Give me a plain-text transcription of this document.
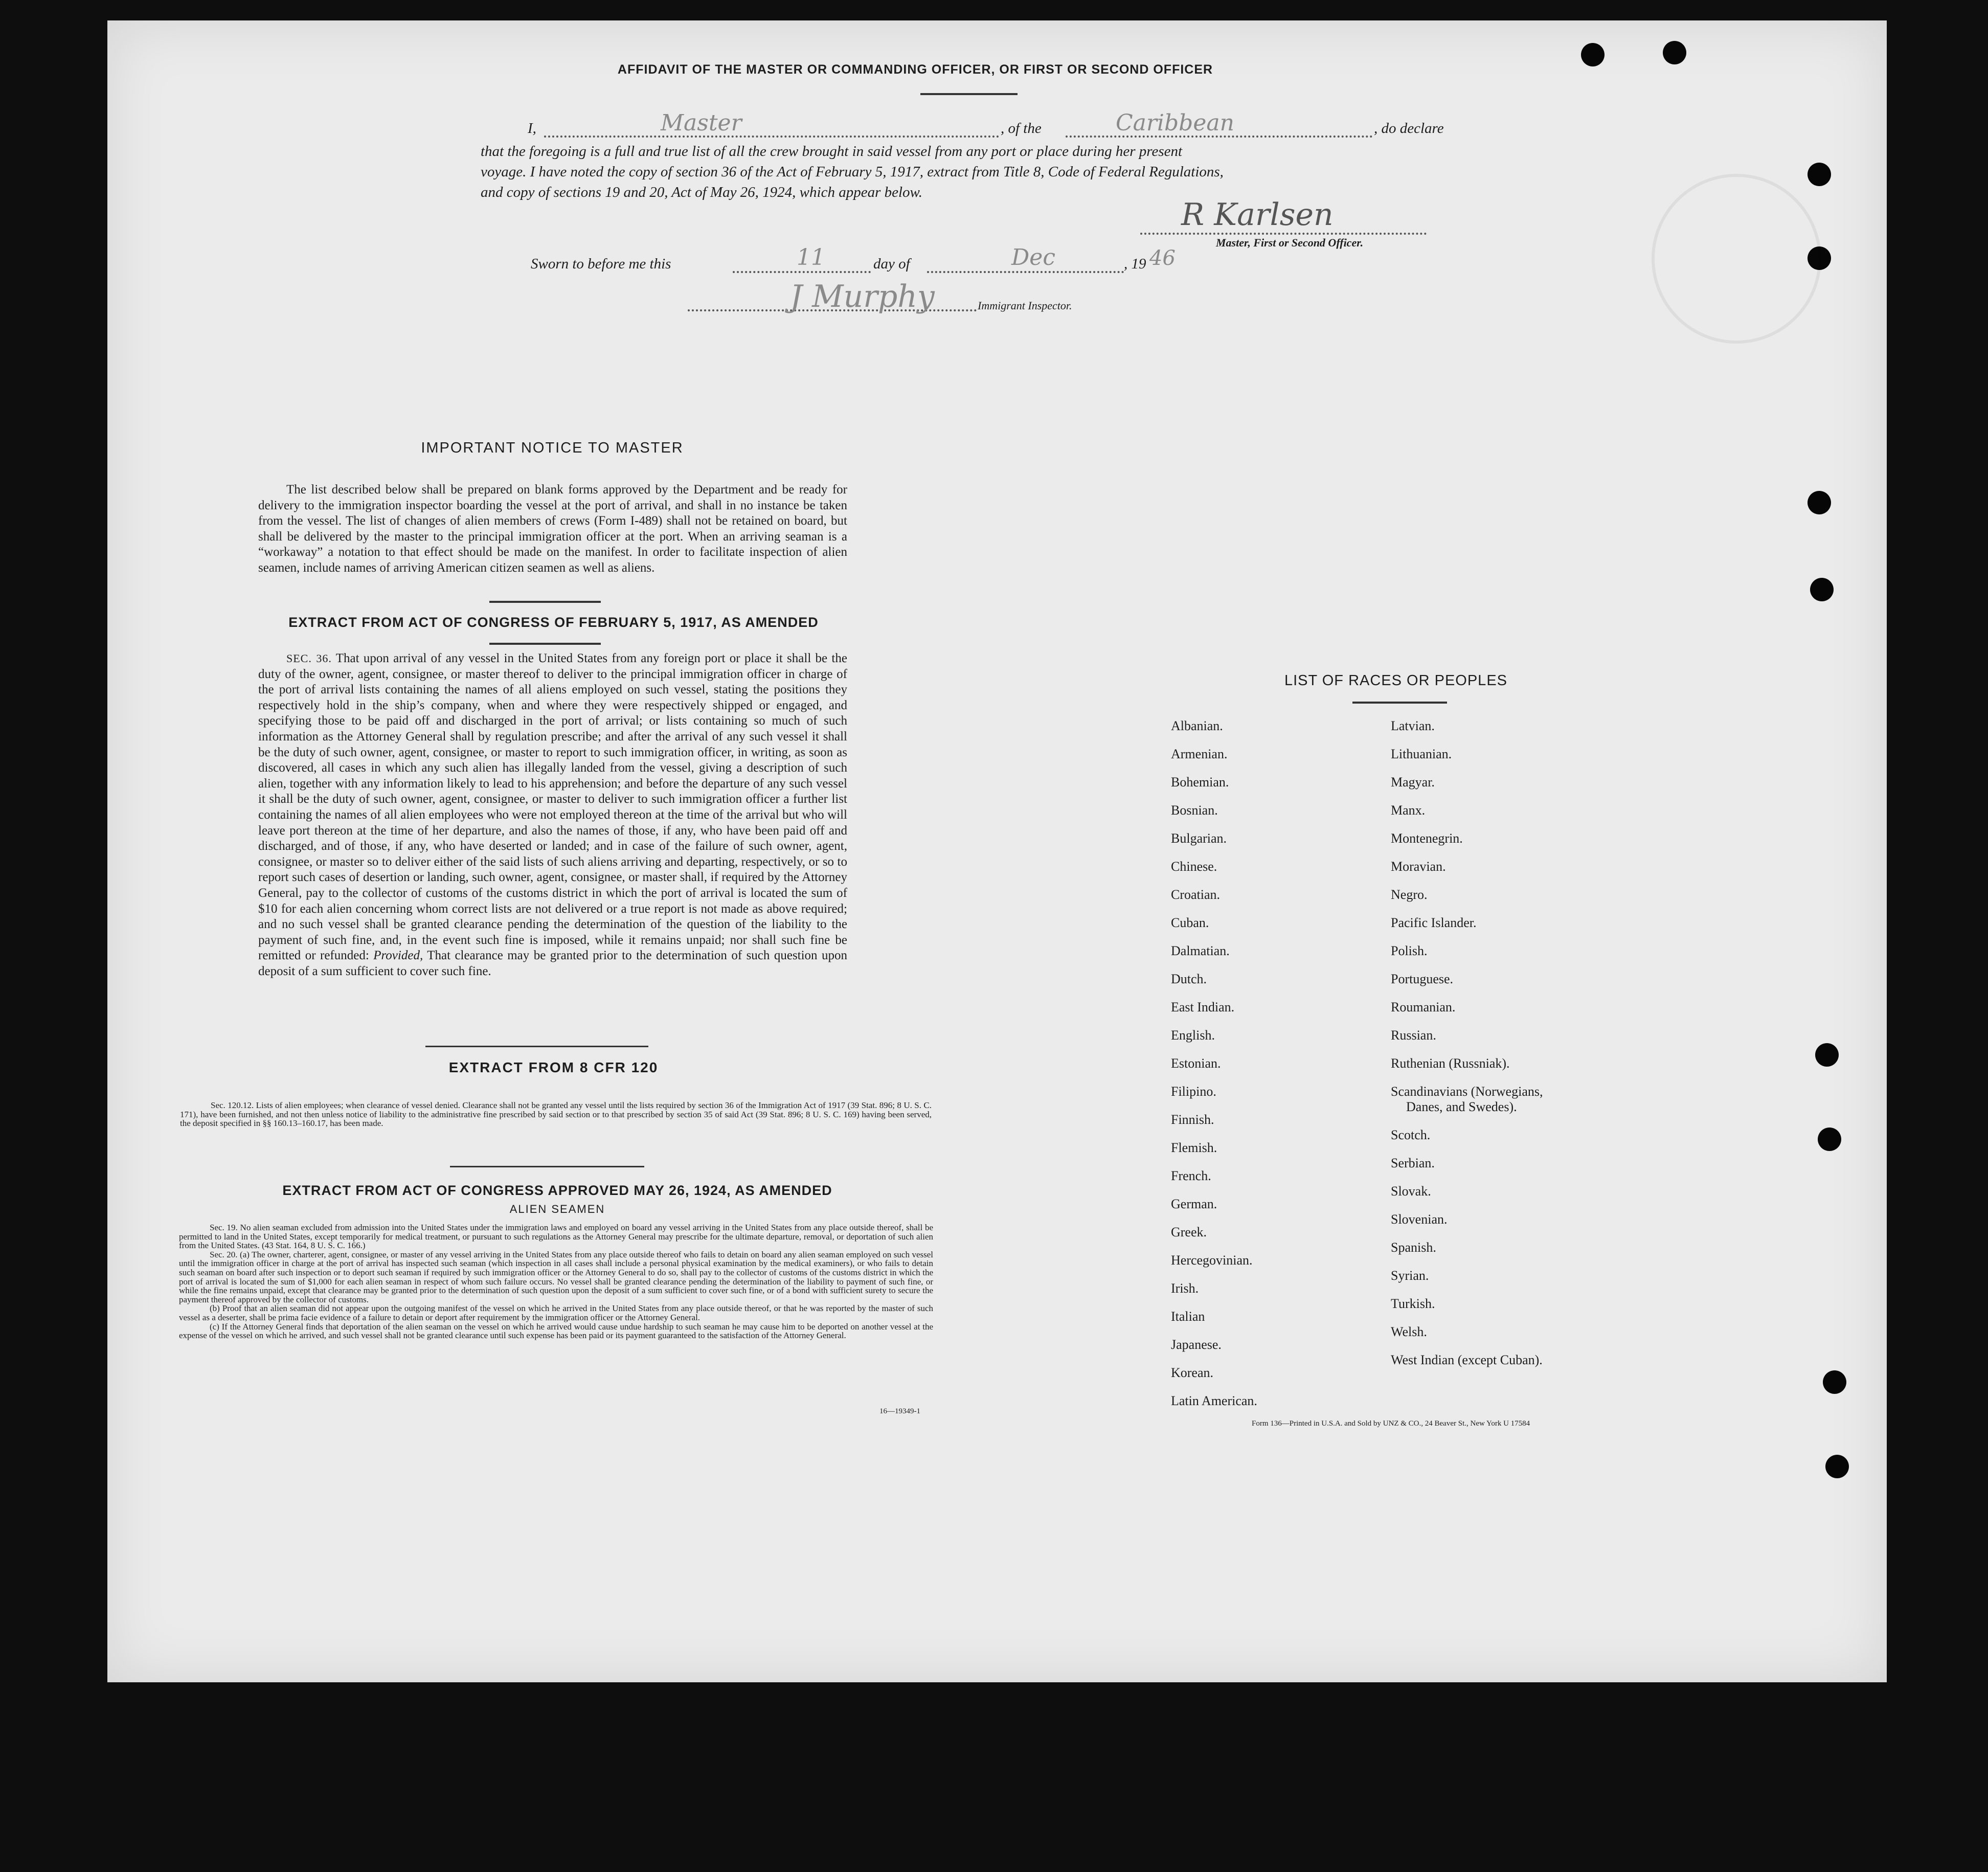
AFFIDAVIT OF THE MASTER OR COMMANDING OFFICER, OR FIRST OR SECOND OFFICER
I,	Master	, of the	Caribbean	, do declare
that the foregoing is a full and true list of all the crew brought in said vessel from any port or place during her present
voyage. I have noted the copy of section 36 of the Act of February 5, 1917, extract from Title 8, Code of Federal Regulations,
and copy of sections 19 and 20, Act of May 26, 1924, which appear below.
R Karlsen
Master, First or Second Officer.
Sworn to before me this	11	day of	Dec	, 19 46
J Murphy	Immigrant Inspector.
IMPORTANT NOTICE TO MASTER
The list described below shall be prepared on blank forms approved by the Department and be ready for delivery to the immigration inspector boarding the vessel at the port of arrival, and shall in no instance be taken from the vessel. The list of changes of alien members of crews (Form I-489) shall not be retained on board, but shall be delivered by the master to the principal immigration officer at the port. When an arriving seaman is a “workaway” a notation to that effect should be made on the manifest. In order to facilitate inspection of alien seamen, include names of arriving American citizen seamen as well as aliens.
EXTRACT FROM ACT OF CONGRESS OF FEBRUARY 5, 1917, AS AMENDED
SEC. 36. That upon arrival of any vessel in the United States from any foreign port or place it shall be the duty of the owner, agent, consignee, or master thereof to deliver to the principal immigration officer in charge of the port of arrival lists containing the names of all aliens employed on such vessel, stating the positions they respectively hold in the ship’s company, when and where they were respectively shipped or engaged, and specifying those to be paid off and discharged in the port of arrival; or lists containing so much of such information as the Attorney General shall by regulation prescribe; and after the arrival of any such vessel it shall be the duty of such owner, agent, consignee, or master to report to such immigration officer, in writing, as soon as discovered, all cases in which any such alien has illegally landed from the vessel, giving a description of such alien, together with any information likely to lead to his apprehension; and before the departure of any such vessel it shall be the duty of such owner, agent, consignee, or master to deliver to such immigration officer a further list containing the names of all alien employees who were not employed thereon at the time of the arrival but who will leave port thereon at the time of her departure, and also the names of those, if any, who have been paid off and discharged, and of those, if any, who have deserted or landed; and in case of the failure of such owner, agent, consignee, or master so to deliver either of the said lists of such aliens arriving and departing, respectively, or so to report such cases of desertion or landing, such owner, agent, consignee, or master shall, if required by the Attorney General, pay to the collector of customs of the customs district in which the port of arrival is located the sum of $10 for each alien concerning whom correct lists are not delivered or a true report is not made as above required; and no such vessel shall be granted clearance pending the determination of the question of the liability to the payment of such fine, and, in the event such fine is imposed, while it remains unpaid; nor shall such fine be remitted or refunded: Provided, That clearance may be granted prior to the determination of such question upon deposit of a sum sufficient to cover such fine.
EXTRACT FROM 8 CFR 120
Sec. 120.12. Lists of alien employees; when clearance of vessel denied. Clearance shall not be granted any vessel until the lists required by section 36 of the Immigration Act of 1917 (39 Stat. 896; 8 U. S. C. 171), have been furnished, and not then unless notice of liability to the administrative fine prescribed by said section or to that prescribed by section 35 of said Act (39 Stat. 896; 8 U. S. C. 169) having been served, the deposit specified in §§ 160.13–160.17, has been made.
EXTRACT FROM ACT OF CONGRESS APPROVED MAY 26, 1924, AS AMENDED
ALIEN SEAMEN
Sec. 19. No alien seaman excluded from admission into the United States under the immigration laws and employed on board any vessel arriving in the United States from any place outside thereof, shall be permitted to land in the United States, except temporarily for medical treatment, or pursuant to such regulations as the Attorney General may prescribe for the ultimate departure, removal, or deportation of such alien from the United States. (43 Stat. 164, 8 U. S. C. 166.)
Sec. 20. (a) The owner, charterer, agent, consignee, or master of any vessel arriving in the United States from any place outside thereof who fails to detain on board any alien seaman employed on such vessel until the immigration officer in charge at the port of arrival has inspected such seaman (which inspection in all cases shall include a personal physical examination by the medical examiners), or who fails to detain such seaman on board after such inspection or to deport such seaman if required by such immigration officer or the Attorney General to do so, shall pay to the collector of customs of the customs district in which the port of arrival is located the sum of $1,000 for each alien seaman in respect of whom such failure occurs. No vessel shall be granted clearance pending the determination of the liability to payment of such fine, or while the fine remains unpaid, except that clearance may be granted prior to the determination of such question upon the deposit of a sum sufficient to cover such fine, or of a bond with sufficient surety to secure the payment thereof approved by the collector of customs.
(b) Proof that an alien seaman did not appear upon the outgoing manifest of the vessel on which he arrived in the United States from any place outside thereof, or that he was reported by the master of such vessel as a deserter, shall be prima facie evidence of a failure to detain or deport after requirement by the immigration officer or the Attorney General.
(c) If the Attorney General finds that deportation of the alien seaman on the vessel on which he arrived would cause undue hardship to such seaman he may cause him to be deported on another vessel at the expense of the vessel on which he arrived, and such vessel shall not be granted clearance until such expense has been paid or its payment guaranteed to the satisfaction of the Attorney General.
16—19349-1
LIST OF RACES OR PEOPLES
Albanian.
Armenian.
Bohemian.
Bosnian.
Bulgarian.
Chinese.
Croatian.
Cuban.
Dalmatian.
Dutch.
East Indian.
English.
Estonian.
Filipino.
Finnish.
Flemish.
French.
German.
Greek.
Hercegovinian.
Irish.
Italian
Japanese.
Korean.
Latin American.
Latvian.
Lithuanian.
Magyar.
Manx.
Montenegrin.
Moravian.
Negro.
Pacific Islander.
Polish.
Portuguese.
Roumanian.
Russian.
Ruthenian (Russniak).
Scandinavians (Norwegians,
Danes, and Swedes).
Scotch.
Serbian.
Slovak.
Slovenian.
Spanish.
Syrian.
Turkish.
Welsh.
West Indian (except Cuban).
Form 136—Printed in U.S.A. and Sold by UNZ & CO., 24 Beaver St., New York U 17584
